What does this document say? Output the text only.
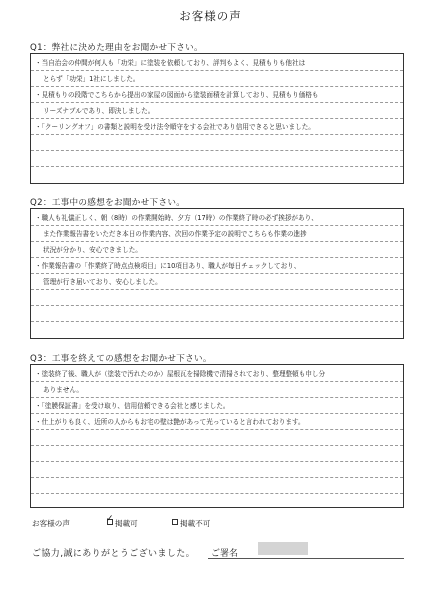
お客様の声
Q1：弊社に決めた理由をお聞かせ下さい。
・当自治会の仲間が何人も「功栄」に塗装を依頼しており、評判もよく、見積もりも他社は
とらず「功栄」1社にしました。
・見積もりの段階でこちらから提出の家屋の図面から塗装面積を計算しており、見積もり価格も
リーズナブルであり、即決しました。
・「クーリングオフ」の書類と説明を受け法令順守をする会社であり信用できると思いました。
Q2：工事中の感想をお聞かせ下さい。
・職人も礼儀正しく、朝（8時）の作業開始時、夕方（17時）の作業終了時の必ず挨拶があり、
また作業報告書をいただき本日の作業内容、次回の作業予定の説明でこちらも作業の進捗
状況が分かり、安心できました。
・作業報告書の「作業終了時点点検項目」に10項目あり、職人が毎日チェックしており、
管理が行き届いており、安心しました。
Q3：工事を終えての感想をお聞かせ下さい。
・塗装終了後、職人が（塗装で汚れたのか）屋根瓦を掃除機で清掃されており、整理整頓も申し分
ありません。
・「塗膜保証書」を受け取り、信用信頼できる会社と感じました。
・仕上がりも良く、近所の人からもお宅の壁は艶があって光っていると言われております。
お客様の声	✓ 掲載可	掲載不可
ご協力,誠にありがとうございました。 ご署名
